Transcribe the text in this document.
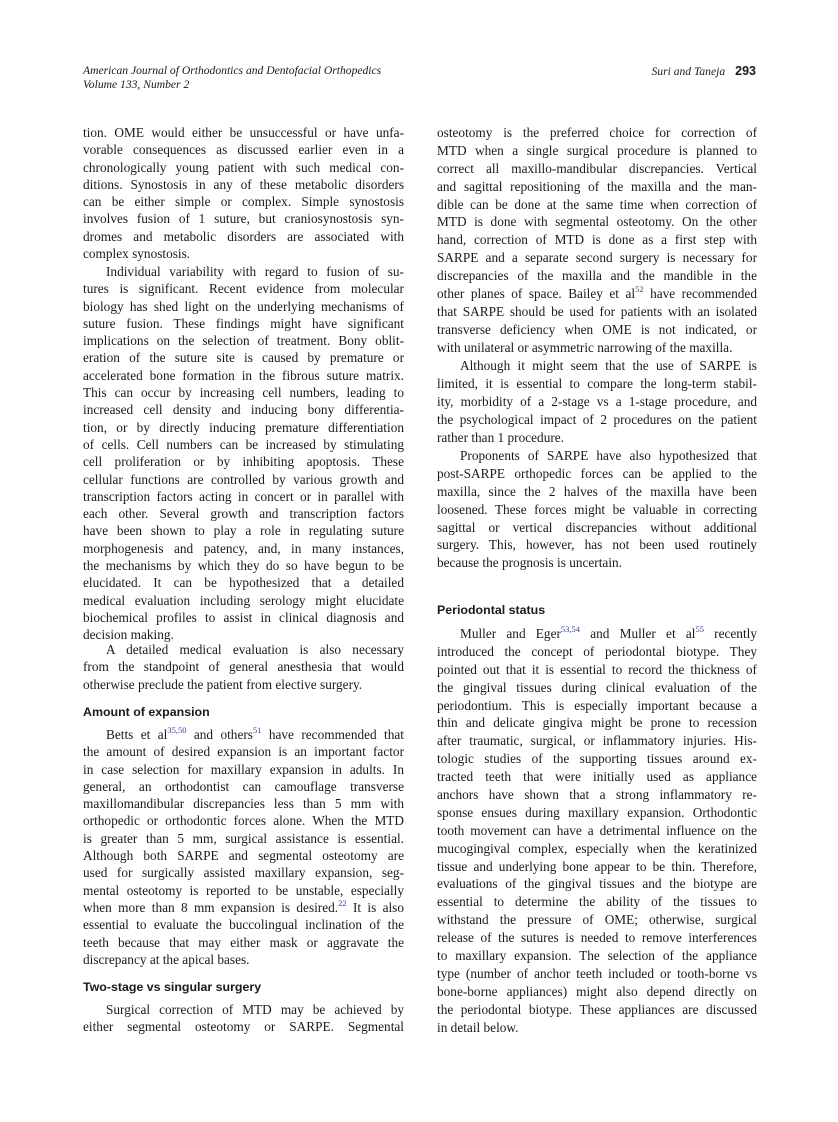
American Journal of Orthodontics and Dentofacial Orthopedics
Volume 133, Number 2
Suri and Taneja 293
tion. OME would either be unsuccessful or have unfa-
vorable consequences as discussed earlier even in a
chronologically young patient with such medical con-
ditions. Synostosis in any of these metabolic disorders
can be either simple or complex. Simple synostosis
involves fusion of 1 suture, but craniosynostosis syn-
dromes and metabolic disorders are associated with
complex synostosis.
Individual variability with regard to fusion of su-
tures is significant. Recent evidence from molecular
biology has shed light on the underlying mechanisms of
suture fusion. These findings might have significant
implications on the selection of treatment. Bony oblit-
eration of the suture site is caused by premature or
accelerated bone formation in the fibrous suture matrix.
This can occur by increasing cell numbers, leading to
increased cell density and inducing bony differentia-
tion, or by directly inducing premature differentiation
of cells. Cell numbers can be increased by stimulating
cell proliferation or by inhibiting apoptosis. These
cellular functions are controlled by various growth and
transcription factors acting in concert or in parallel with
each other. Several growth and transcription factors
have been shown to play a role in regulating suture
morphogenesis and patency, and, in many instances,
the mechanisms by which they do so have begun to be
elucidated. It can be hypothesized that a detailed
medical evaluation including serology might elucidate
biochemical profiles to assist in clinical diagnosis and
decision making.
A detailed medical evaluation is also necessary
from the standpoint of general anesthesia that would
otherwise preclude the patient from elective surgery.
Amount of expansion
Betts et al$^{35,50}$ and others$^{51}$ have recommended that
the amount of desired expansion is an important factor
in case selection for maxillary expansion in adults. In
general, an orthodontist can camouflage transverse
maxillomandibular discrepancies less than 5 mm with
orthopedic or orthodontic forces alone. When the MTD
is greater than 5 mm, surgical assistance is essential.
Although both SARPE and segmental osteotomy are
used for surgically assisted maxillary expansion, seg-
mental osteotomy is reported to be unstable, especially
when more than 8 mm expansion is desired.$^{22}$ It is also
essential to evaluate the buccolingual inclination of the
teeth because that may either mask or aggravate the
discrepancy at the apical bases.
Two-stage vs singular surgery
Surgical correction of MTD may be achieved by
either segmental osteotomy or SARPE. Segmental
osteotomy is the preferred choice for correction of
MTD when a single surgical procedure is planned to
correct all maxillo-mandibular discrepancies. Vertical
and sagittal repositioning of the maxilla and the man-
dible can be done at the same time when correction of
MTD is done with segmental osteotomy. On the other
hand, correction of MTD is done as a first step with
SARPE and a separate second surgery is necessary for
discrepancies of the maxilla and the mandible in the
other planes of space. Bailey et $al^{52}$ have recommended
that SARPE should be used for patients with an isolated
transverse deficiency when OME is not indicated, or
with unilateral or asymmetric narrowing of the maxilla.
Although it might seem that the use of SARPE is
limited, it is essential to compare the long-term stabil-
ity, morbidity of a 2-stage vs a 1-stage procedure, and
the psychological impact of 2 procedures on the patient
rather than 1 procedure.
Proponents of SARPE have also hypothesized that
post-SARPE orthopedic forces can be applied to the
maxilla, since the 2 halves of the maxilla have been
loosened. These forces might be valuable in correcting
sagittal or vertical discrepancies without additional
surgery. This, however, has not been used routinely
because the prognosis is uncertain.
Periodontal status
Muller and Eger$^{53,54}$ and Muller et $al^{55}$ recently
introduced the concept of periodontal biotype. They
pointed out that it is essential to record the thickness of
the gingival tissues during clinical evaluation of the
periodontium. This is especially important because a
thin and delicate gingiva might be prone to recession
after traumatic, surgical, or inflammatory injuries. His-
tologic studies of the supporting tissues around ex-
tracted teeth that were initially used as appliance
anchors have shown that a strong inflammatory re-
sponse ensues during maxillary expansion. Orthodontic
tooth movement can have a detrimental influence on the
mucogingival complex, especially when the keratinized
tissue and underlying bone appear to be thin. Therefore,
evaluations of the gingival tissues and the biotype are
essential to determine the ability of the tissues to
withstand the pressure of OME; otherwise, surgical
release of the sutures is needed to remove interferences
to maxillary expansion. The selection of the appliance
type (number of anchor teeth included or tooth-borne vs
bone-borne appliances) might also depend directly on
the periodontal biotype. These appliances are discussed
in detail below.
